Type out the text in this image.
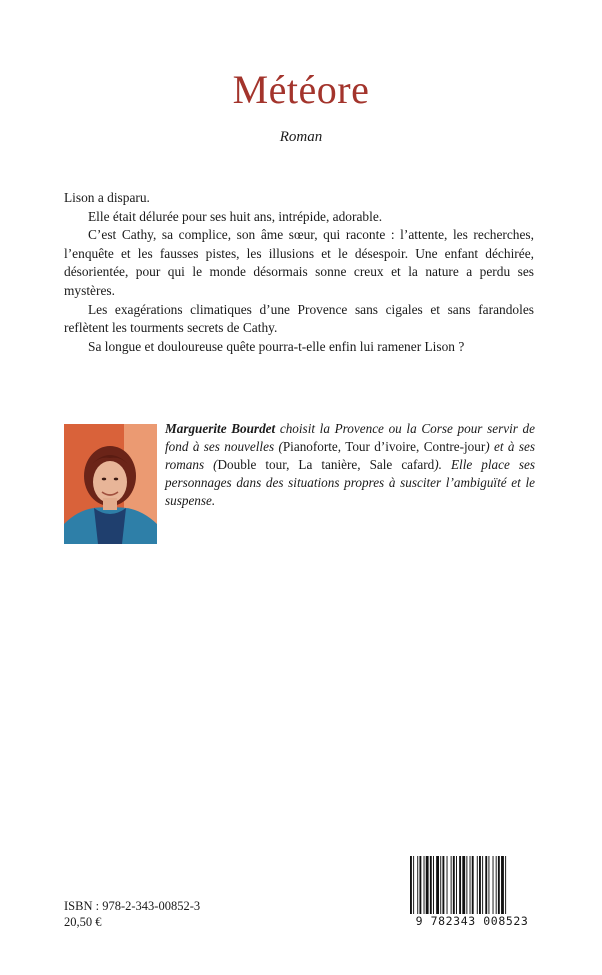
Météore
Roman

Lison a disparu.

Elle était délurée pour ses huit ans, intrépide, adorable.

C’est Cathy, sa complice, son âme sœur, qui raconte : l’attente, les recherches, l’enquête et les fausses pistes, les illusions et le désespoir. Une enfant déchirée, désorientée, pour qui le monde désormais sonne creux et la nature a perdu ses mystères.

Les exagérations climatiques d’une Provence sans cigales et sans farandoles reflètent les tourments secrets de Cathy.

Sa longue et douloureuse quête pourra-t-elle enfin lui ramener Lison ?

Marguerite Bourdet choisit la Provence ou la Corse pour servir de fond à ses nouvelles (Pianoforte, Tour d’ivoire, Contre-jour) et à ses romans (Double tour, La tanière, Sale cafard). Elle place ses personnages dans des situations propres à susciter l’ambiguïté et le suspense.
ISBN : 978-2-343-00852-3
20,50 €	9 782343 008523
